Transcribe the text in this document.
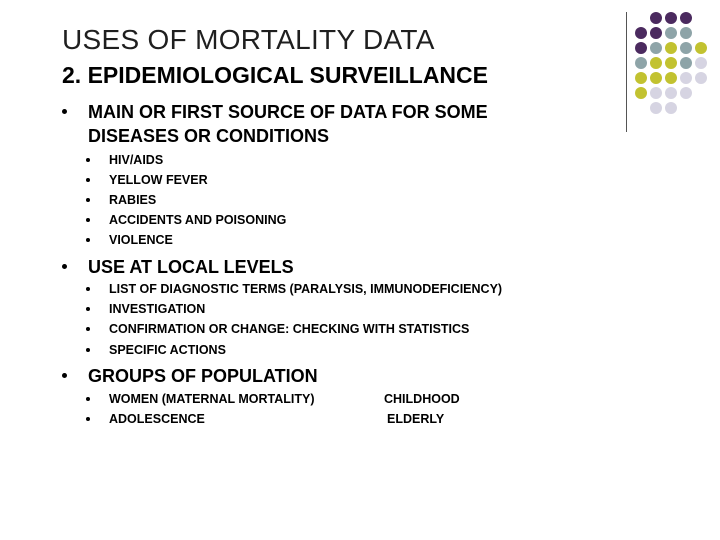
USES OF MORTALITY DATA
2. EPIDEMIOLOGICAL SURVEILLANCE
MAIN OR FIRST SOURCE OF DATA FOR SOME
DISEASES OR CONDITIONS
HIV/AIDS
YELLOW FEVER
RABIES
ACCIDENTS AND POISONING
VIOLENCE
USE AT LOCAL LEVELS
LIST OF DIAGNOSTIC TERMS (PARALYSIS, IMMUNODEFICIENCY)
INVESTIGATION
CONFIRMATION OR CHANGE: CHECKING WITH STATISTICS
SPECIFIC ACTIONS
GROUPS OF POPULATION
WOMEN (MATERNAL MORTALITY)
ADOLESCENCE
CHILDHOOD
ELDERLY
